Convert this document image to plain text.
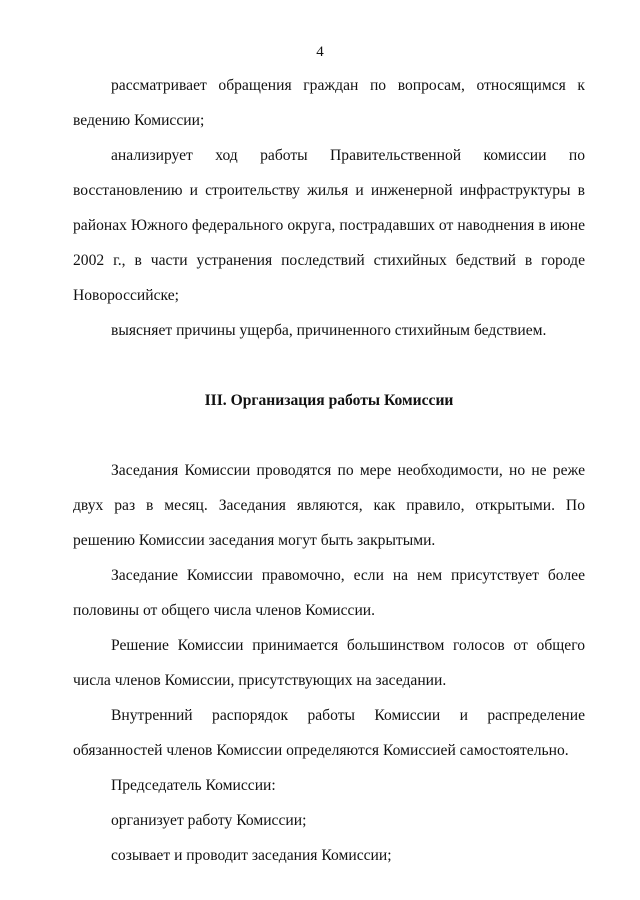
4

рассматривает обращения граждан по вопросам, относящимся к ведению Комиссии;

анализирует ход работы Правительственной комиссии по восстановлению и строительству жилья и инженерной инфраструктуры в районах Южного федерального округа, пострадавших от наводнения в июне 2002 г., в части устранения последствий стихийных бедствий в городе Новороссийске;

выясняет причины ущерба, причиненного стихийным бедствием.

III. Организация работы Комиссии

Заседания Комиссии проводятся по мере необходимости, но не реже двух раз в месяц. Заседания являются, как правило, открытыми. По решению Комиссии заседания могут быть закрытыми.

Заседание Комиссии правомочно, если на нем присутствует более половины от общего числа членов Комиссии.

Решение Комиссии принимается большинством голосов от общего числа членов Комиссии, присутствующих на заседании.

Внутренний распорядок работы Комиссии и распределение обязанностей членов Комиссии определяются Комиссией самостоятельно.

Председатель Комиссии:

организует работу Комиссии;

созывает и проводит заседания Комиссии;
